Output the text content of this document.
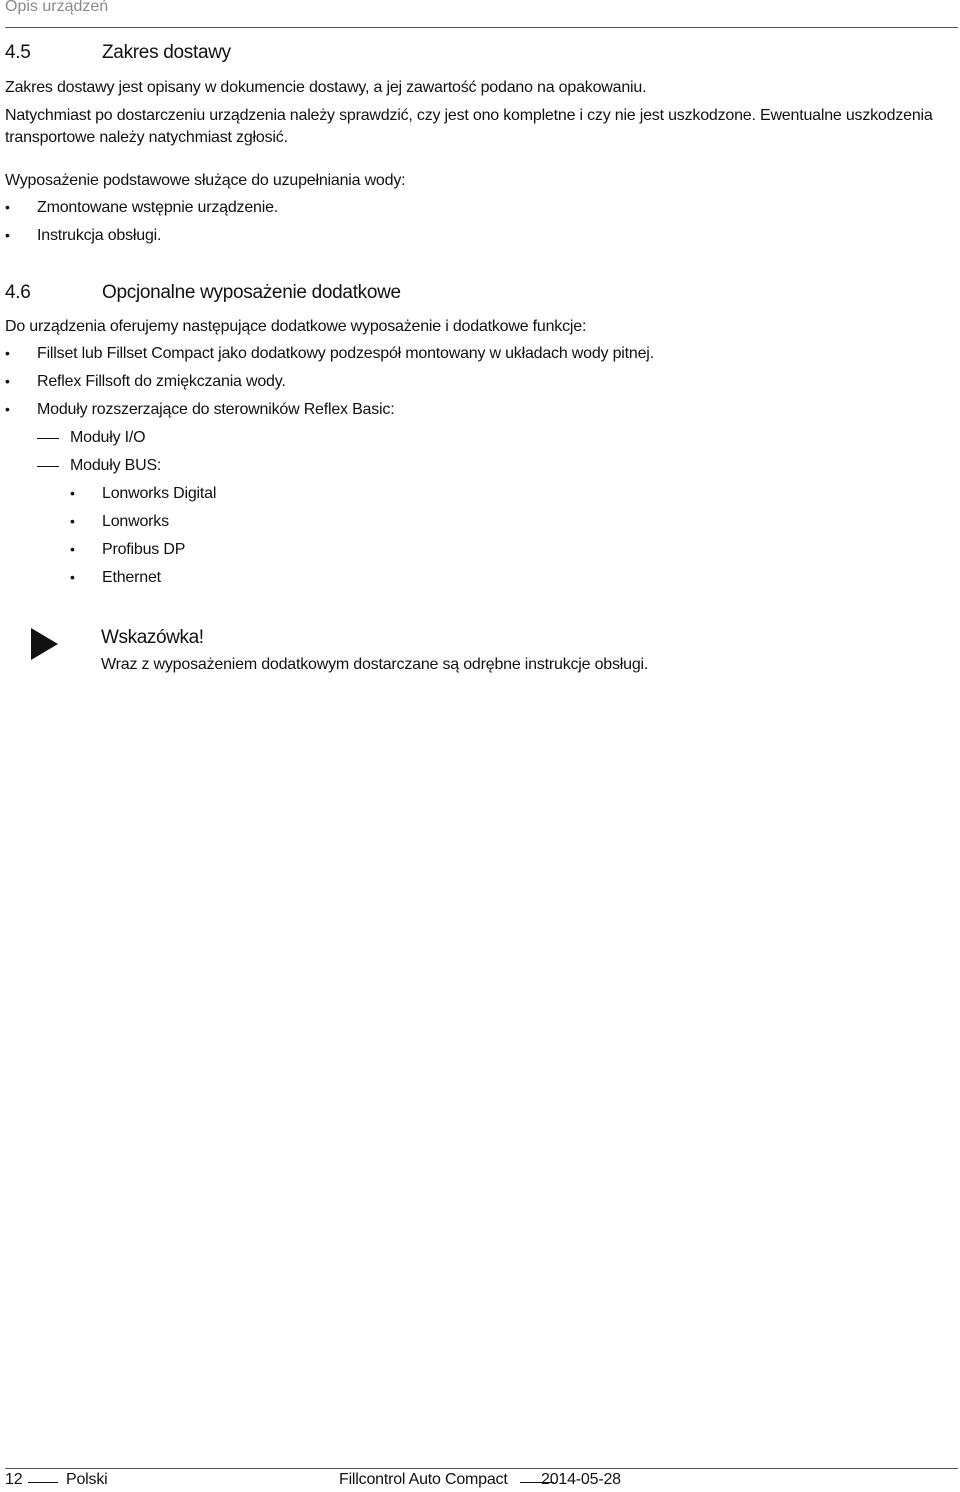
Opis urządzeń
4.5	Zakres dostawy
Zakres dostawy jest opisany w dokumencie dostawy, a jej zawartość podano na opakowaniu.
Natychmiast po dostarczeniu urządzenia należy sprawdzić, czy jest ono kompletne i czy nie jest uszkodzone. Ewentualne uszkodzenia
transportowe należy natychmiast zgłosić.
Wyposażenie podstawowe służące do uzupełniania wody:
• Zmontowane wstępnie urządzenie.
• Instrukcja obsługi.
4.6	Opcjonalne wyposażenie dodatkowe
Do urządzenia oferujemy następujące dodatkowe wyposażenie i dodatkowe funkcje:
• Fillset lub Fillset Compact jako dodatkowy podzespół montowany w układach wody pitnej.
• Reflex Fillsoft do zmiękczania wody.
• Moduły rozszerzające do sterowników Reflex Basic:
Moduły I/O
Moduły BUS:
• Lonworks Digital
• Lonworks
• Profibus DP
• Ethernet
Wskazówka!
Wraz z wyposażeniem dodatkowym dostarczane są odrębne instrukcje obsługi.
12	Polski	Fillcontrol Auto Compact 2014-05-28
